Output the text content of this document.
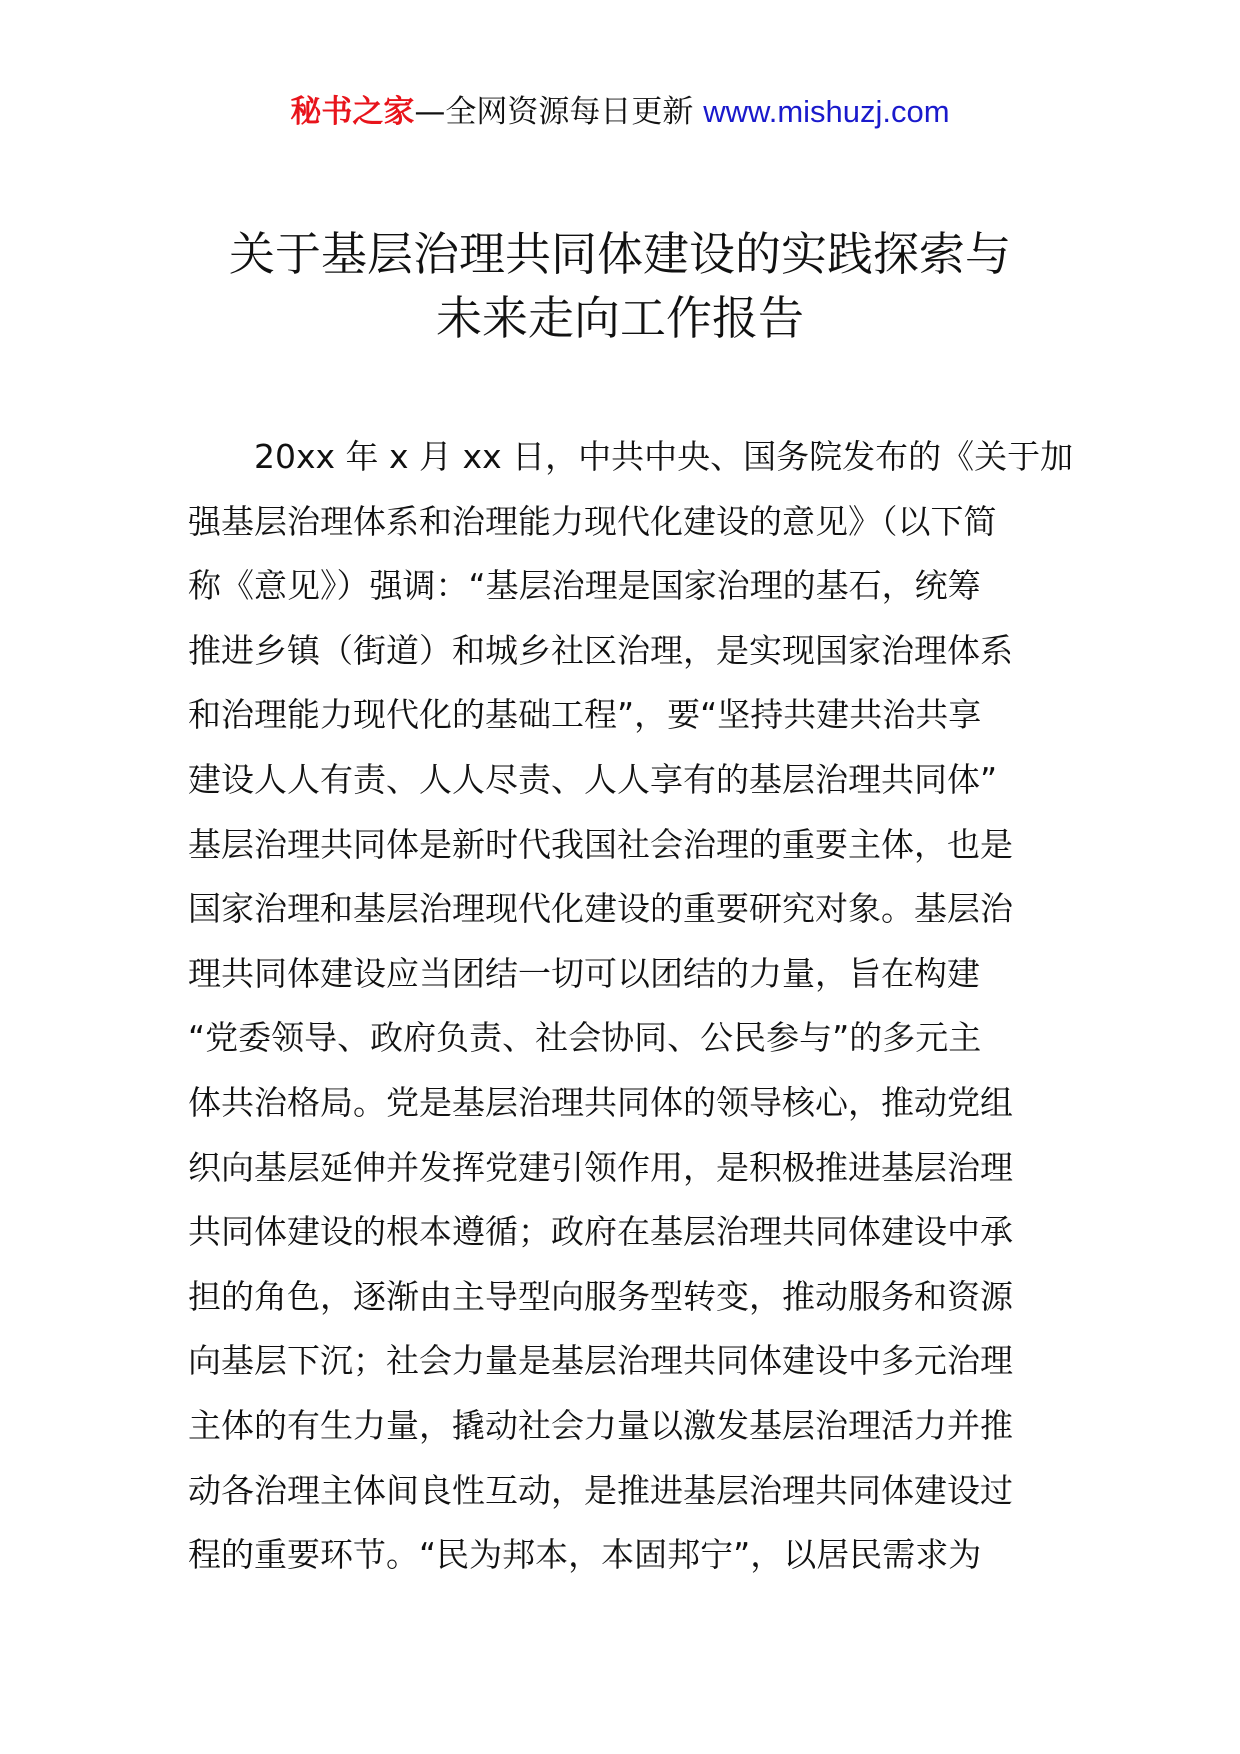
秘书之家—全网资源每日更新 www.mishuzj.com
关于基层治理共同体建设的实践探索与
未来走向工作报告
20xx 年 x 月 xx 日，中共中央、国务院发布的《关于加
强基层治理体系和治理能力现代化建设的意见》（以下简
称《意见》）强调：“基层治理是国家治理的基石，统筹
推进乡镇（街道）和城乡社区治理，是实现国家治理体系
和治理能力现代化的基础工程”，要“坚持共建共治共享
建设人人有责、人人尽责、人人享有的基层治理共同体”
基层治理共同体是新时代我国社会治理的重要主体，也是
国家治理和基层治理现代化建设的重要研究对象。基层治
理共同体建设应当团结一切可以团结的力量，旨在构建
“党委领导、政府负责、社会协同、公民参与”的多元主
体共治格局。党是基层治理共同体的领导核心，推动党组
织向基层延伸并发挥党建引领作用，是积极推进基层治理
共同体建设的根本遵循；政府在基层治理共同体建设中承
担的角色，逐渐由主导型向服务型转变，推动服务和资源
向基层下沉；社会力量是基层治理共同体建设中多元治理
主体的有生力量，撬动社会力量以激发基层治理活力并推
动各治理主体间良性互动，是推进基层治理共同体建设过
程的重要环节。“民为邦本，本固邦宁”，以居民需求为
